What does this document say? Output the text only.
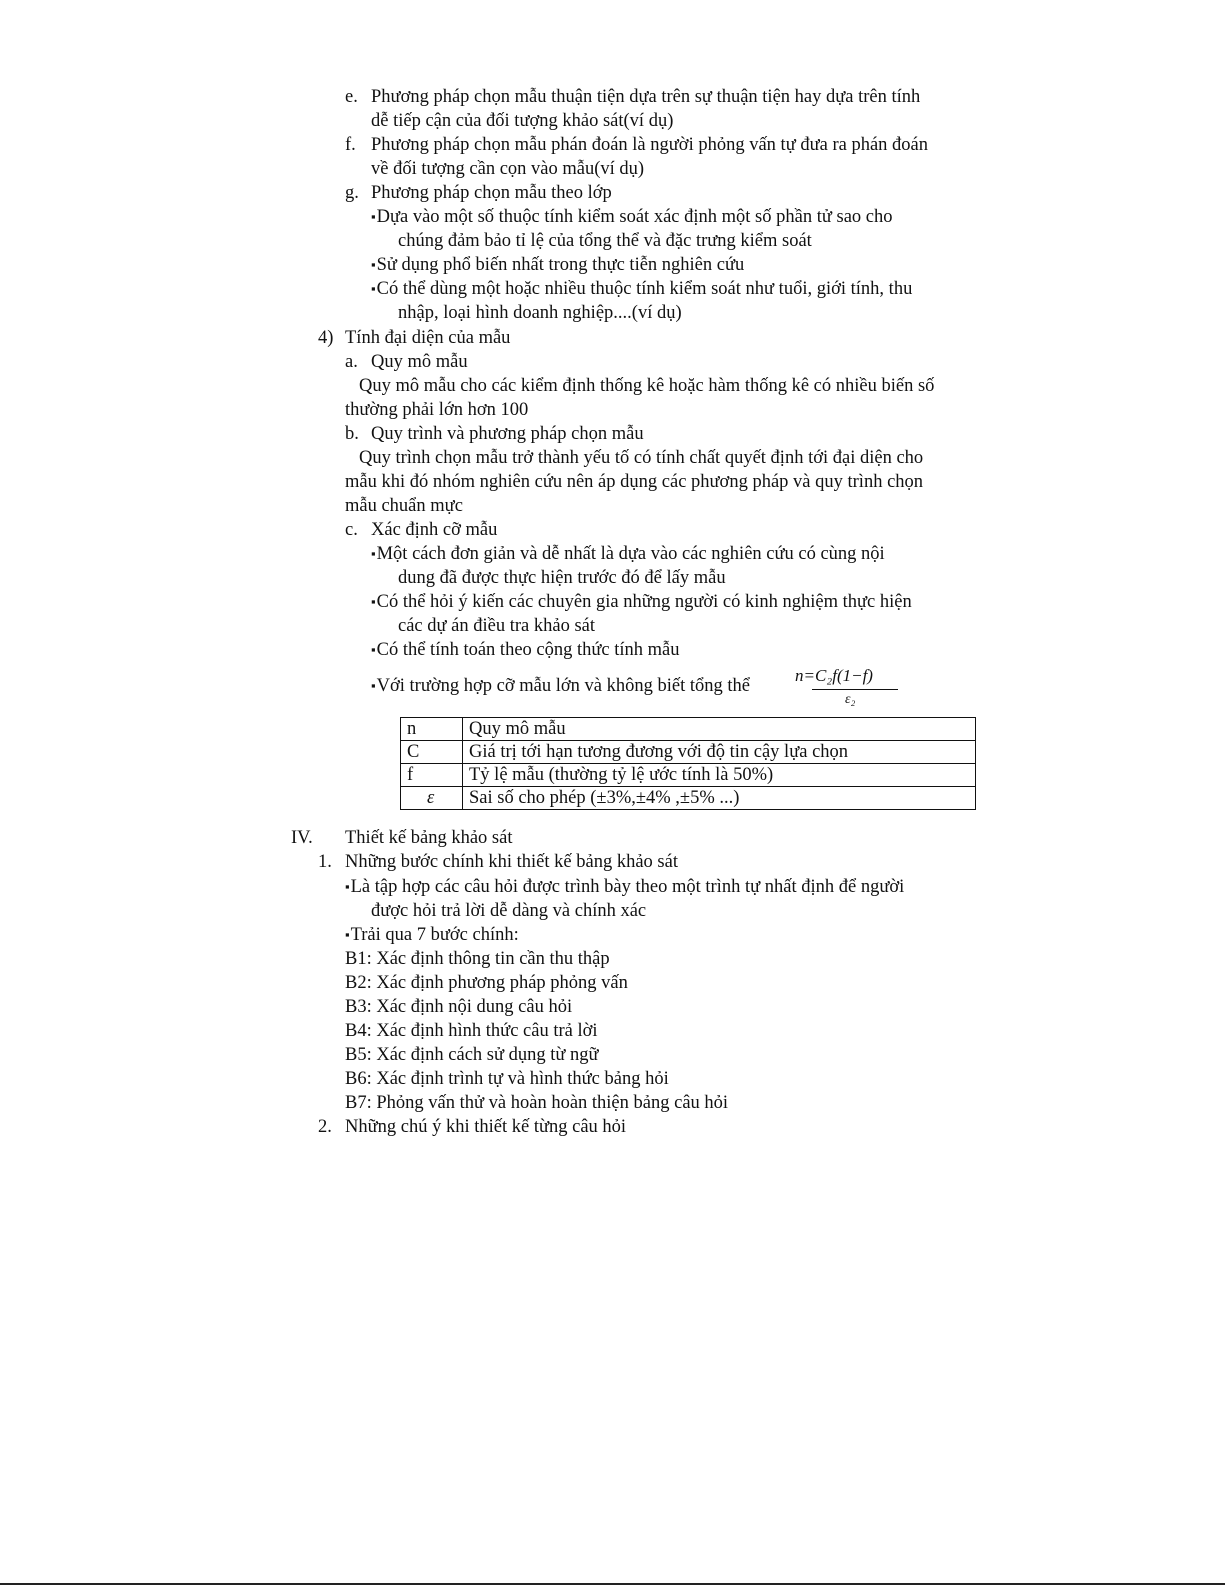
e. Phương pháp chọn mẫu thuận tiện dựa trên sự thuận tiện hay dựa trên tính
dễ tiếp cận của đối tượng khảo sát(ví dụ)
f. Phương pháp chọn mẫu phán đoán là người phỏng vấn tự đưa ra phán đoán
về đối tượng cần cọn vào mẫu(ví dụ)
g. Phương pháp chọn mẫu theo lớp
▪Dựa vào một số thuộc tính kiểm soát xác định một số phần tử sao cho
chúng đảm bảo tỉ lệ của tổng thể và đặc trưng kiểm soát
▪Sử dụng phổ biến nhất trong thực tiễn nghiên cứu
▪Có thể dùng một hoặc nhiều thuộc tính kiểm soát như tuổi, giới tính, thu
nhập, loại hình doanh nghiệp....(ví dụ)
4) Tính đại diện của mẫu
a. Quy mô mẫu
Quy mô mẫu cho các kiểm định thống kê hoặc hàm thống kê có nhiều biến số
thường phải lớn hơn 100
b. Quy trình và phương pháp chọn mẫu
Quy trình chọn mẫu trở thành yếu tố có tính chất quyết định tới đại diện cho
mẫu khi đó nhóm nghiên cứu nên áp dụng các phương pháp và quy trình chọn
mẫu chuẩn mực
c. Xác định cỡ mẫu
▪Một cách đơn giản và dễ nhất là dựa vào các nghiên cứu có cùng nội
dung đã được thực hiện trước đó để lấy mẫu
▪Có thể hỏi ý kiến các chuyên gia những người có kinh nghiệm thực hiện
các dự án điều tra khảo sát
▪Có thể tính toán theo cộng thức tính mẫu
▪Với trường hợp cỡ mẫu lớn và không biết tổng thể
n=C₂f(1−f)
ε₂
n	Quy mô mẫu
C	Giá trị tới hạn tương đương với độ tin cậy lựa chọn
f	Tỷ lệ mẫu (thường tỷ lệ ước tính là 50%)
ε	Sai số cho phép (±3%,±4% ,±5% ...)
IV. Thiết kế bảng khảo sát
1. Những bước chính khi thiết kế bảng khảo sát
▪Là tập hợp các câu hỏi được trình bày theo một trình tự nhất định để người
được hỏi trả lời dễ dàng và chính xác
▪Trải qua 7 bước chính:
B1: Xác định thông tin cần thu thập
B2: Xác định phương pháp phỏng vấn
B3: Xác định nội dung câu hỏi
B4: Xác định hình thức câu trả lời
B5: Xác định cách sử dụng từ ngữ
B6: Xác định trình tự và hình thức bảng hỏi
B7: Phỏng vấn thử và hoàn hoàn thiện bảng câu hỏi
2. Những chú ý khi thiết kế từng câu hỏi
